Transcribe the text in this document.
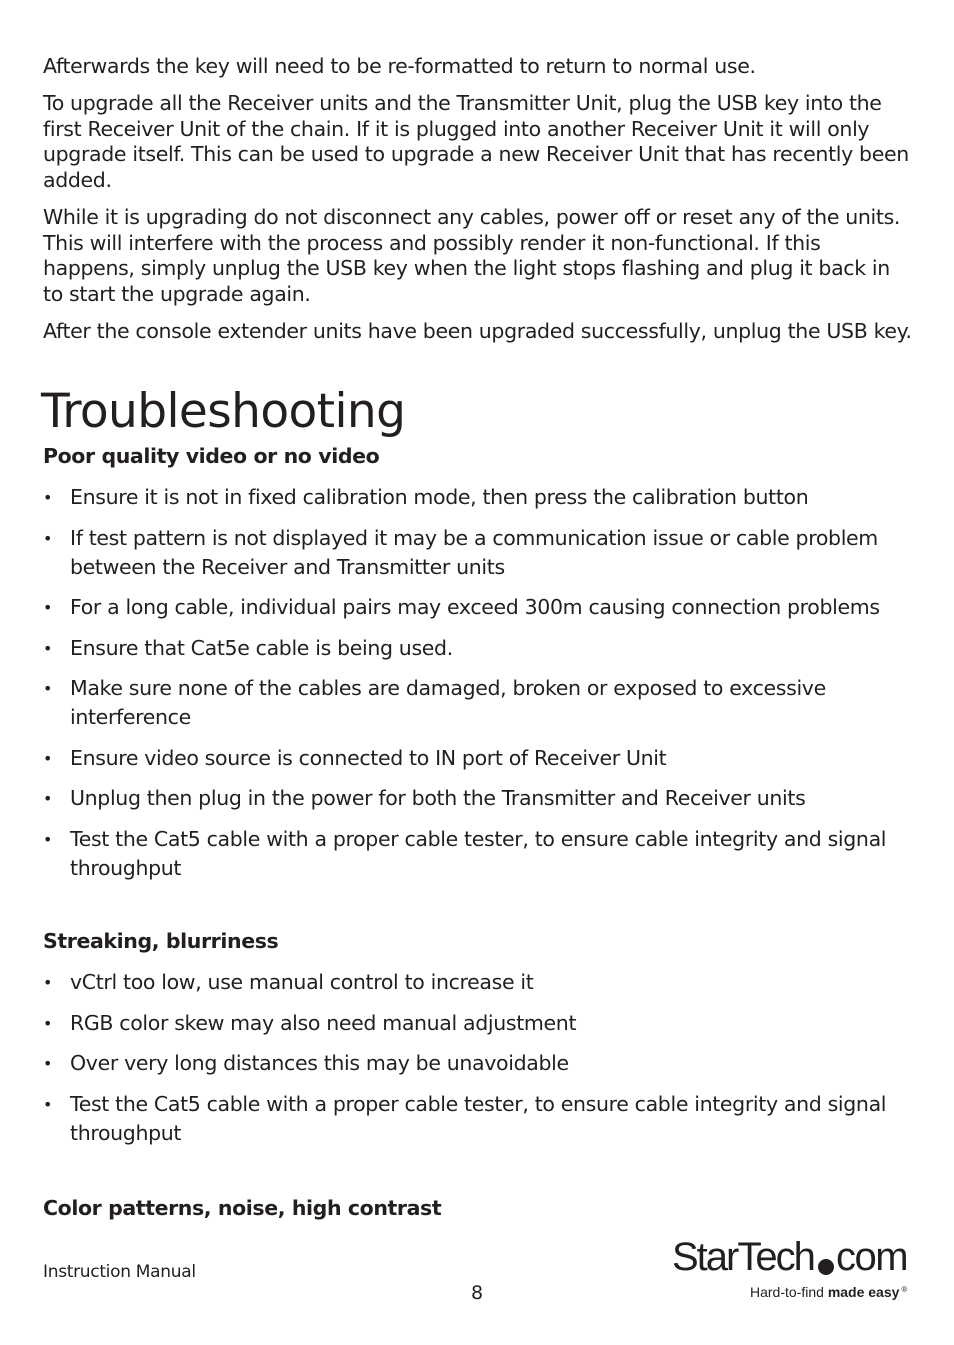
Afterwards the key will need to be re-formatted to return to normal use.

To upgrade all the Receiver units and the Transmitter Unit, plug the USB key into the first Receiver Unit of the chain. If it is plugged into another Receiver Unit it will only upgrade itself. This can be used to upgrade a new Receiver Unit that has recently been added.

While it is upgrading do not disconnect any cables, power off or reset any of the units. This will interfere with the process and possibly render it non-functional. If this happens, simply unplug the USB key when the light stops flashing and plug it back in to start the upgrade again.

After the console extender units have been upgraded successfully, unplug the USB key.

Troubleshooting
Poor quality video or no video
• Ensure it is not in fixed calibration mode, then press the calibration button
• If test pattern is not displayed it may be a communication issue or cable problem between the Receiver and Transmitter units
• For a long cable, individual pairs may exceed 300m causing connection problems
• Ensure that Cat5e cable is being used.
• Make sure none of the cables are damaged, broken or exposed to excessive interference
• Ensure video source is connected to IN port of Receiver Unit
• Unplug then plug in the power for both the Transmitter and Receiver units
• Test the Cat5 cable with a proper cable tester, to ensure cable integrity and signal throughput
Streaking, blurriness
• vCtrl too low, use manual control to increase it
• RGB color skew may also need manual adjustment
• Over very long distances this may be unavoidable
• Test the Cat5 cable with a proper cable tester, to ensure cable integrity and signal throughput
Color patterns, noise, high contrast
Instruction Manual
8
StarTech com
Hard-to-find made easy ®
